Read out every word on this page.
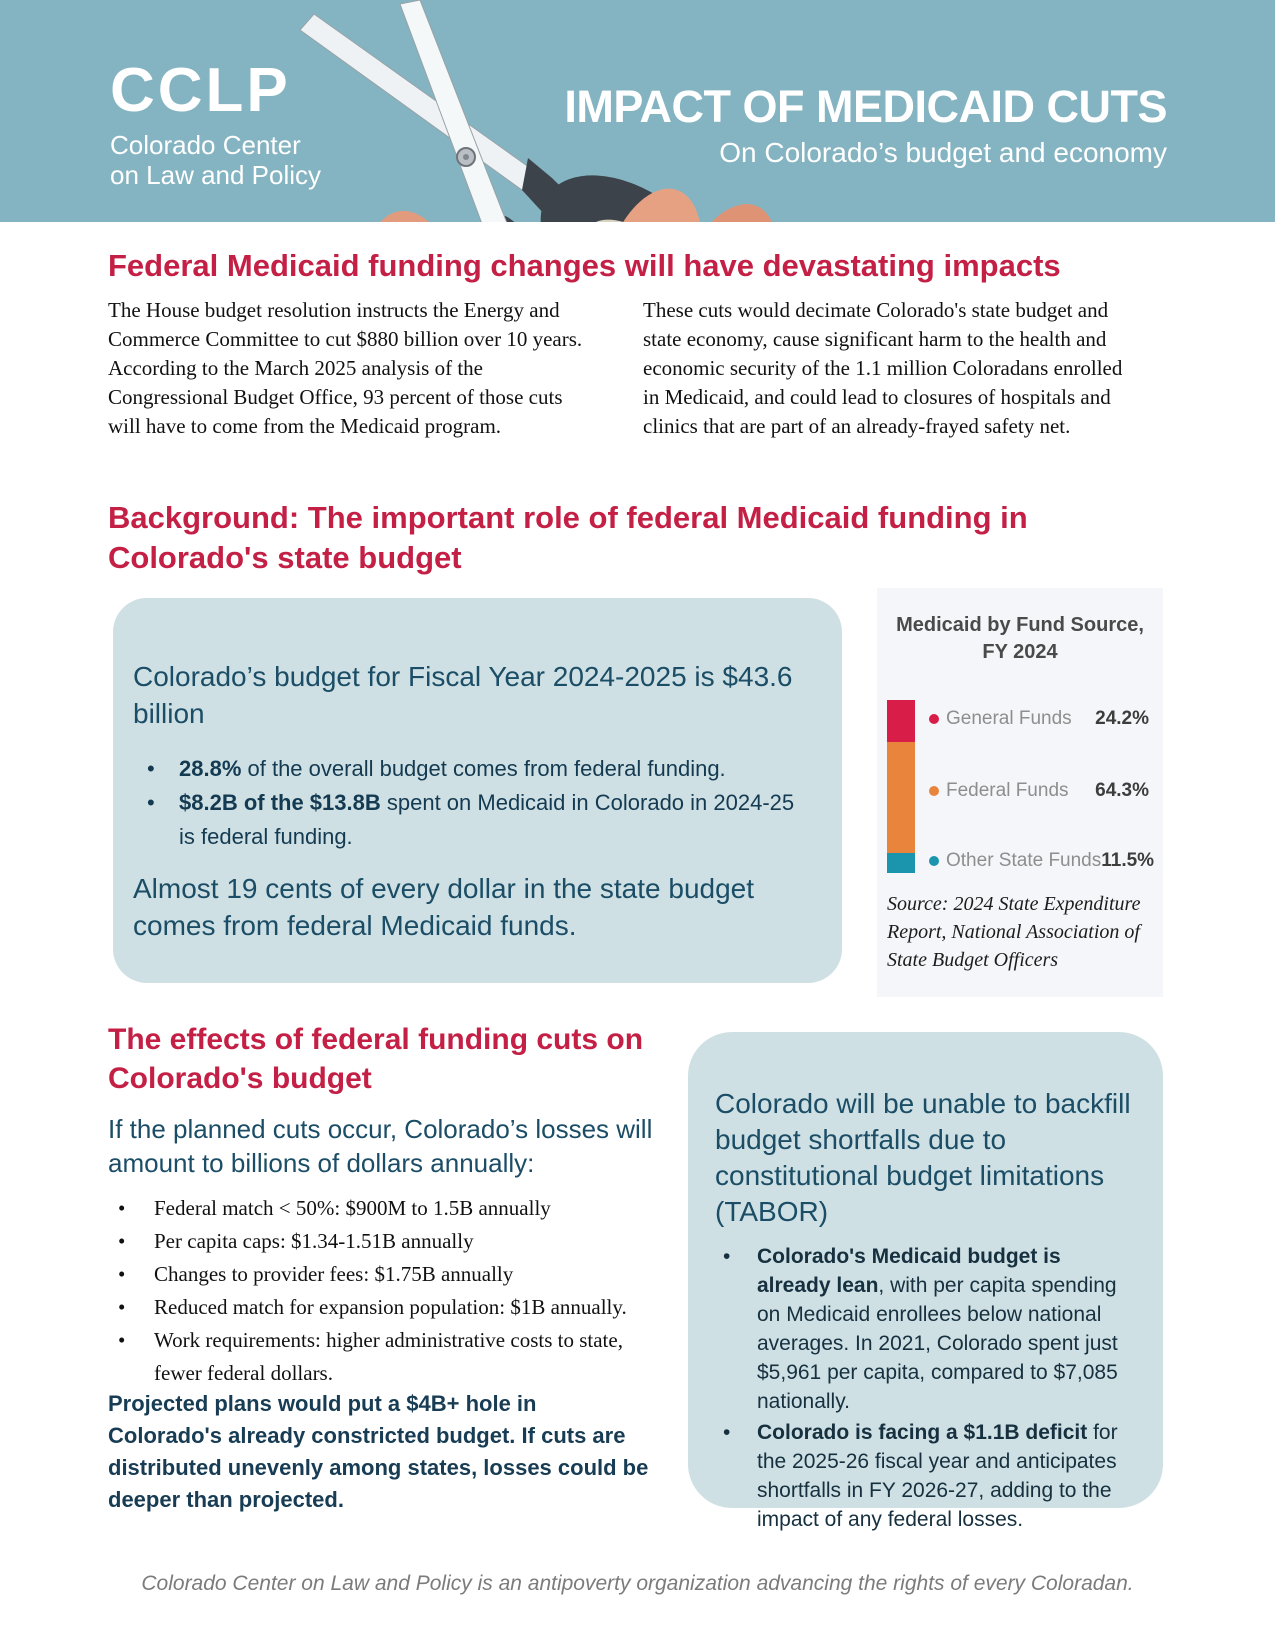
CCLP
Colorado Center
on Law and Policy
IMPACT OF MEDICAID CUTS
On Colorado’s budget and economy
Federal Medicaid funding changes will have devastating impacts

The House budget resolution instructs the Energy and Commerce Committee to cut $880 billion over 10 years. According to the March 2025 analysis of the Congressional Budget Office, 93 percent of those cuts will have to come from the Medicaid program.

These cuts would decimate Colorado's state budget and state economy, cause significant harm to the health and economic security of the 1.1 million Coloradans enrolled in Medicaid, and could lead to closures of hospitals and clinics that are part of an already-frayed safety net.

Background: The important role of federal Medicaid funding in Colorado's state budget
Colorado’s budget for Fiscal Year 2024-2025 is $43.6 billion
• 28.8% of the overall budget comes from federal funding.
• $8.2B of the $13.8B spent on Medicaid in Colorado in 2024-25 is federal funding.
Almost 19 cents of every dollar in the state budget comes from federal Medicaid funds.
Medicaid by Fund Source, FY 2024
General Funds 24.2%
Federal Funds 64.3%
Other State Funds 11.5%
Source: 2024 State Expenditure Report, National Association of State Budget Officers
The effects of federal funding cuts on Colorado's budget
If the planned cuts occur, Colorado’s losses will amount to billions of dollars annually:
• Federal match < 50%: $900M to 1.5B annually
• Per capita caps: $1.34-1.51B annually
• Changes to provider fees: $1.75B annually
• Reduced match for expansion population: $1B annually.
• Work requirements: higher administrative costs to state, fewer federal dollars.
Projected plans would put a $4B+ hole in Colorado's already constricted budget. If cuts are distributed unevenly among states, losses could be deeper than projected.
Colorado will be unable to backfill budget shortfalls due to constitutional budget limitations (TABOR)
• Colorado's Medicaid budget is already lean, with per capita spending on Medicaid enrollees below national averages. In 2021, Colorado spent just $5,961 per capita, compared to $7,085 nationally.
• Colorado is facing a $1.1B deficit for the 2025-26 fiscal year and anticipates shortfalls in FY 2026-27, adding to the impact of any federal losses.
Colorado Center on Law and Policy is an antipoverty organization advancing the rights of every Coloradan.
